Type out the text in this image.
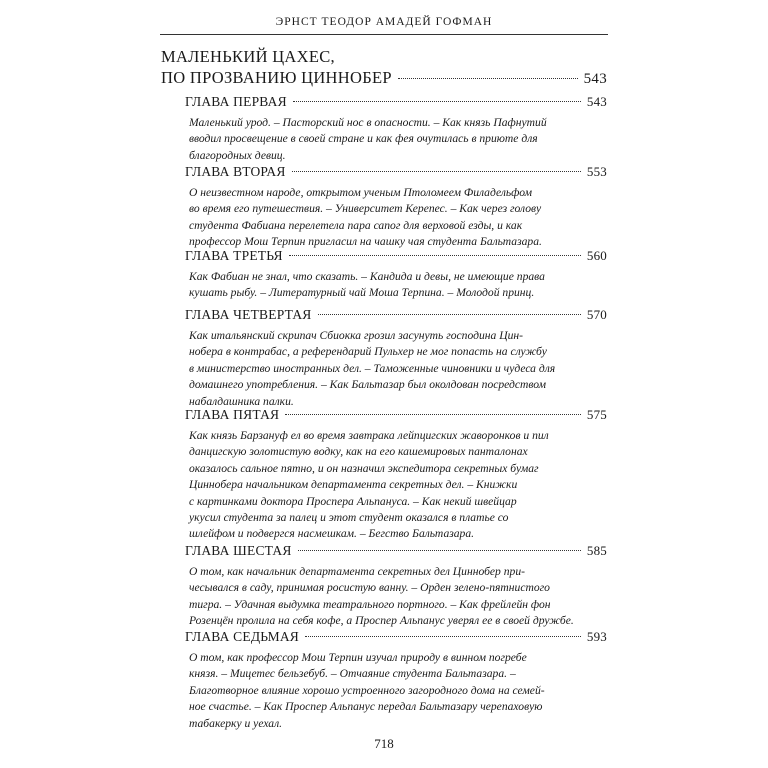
ЭРНСТ ТЕОДОР АМАДЕЙ ГОФМАН
МАЛЕНЬКИЙ ЦАХЕС,
ПО ПРОЗВАНИЮ ЦИННОБЕР	543
ГЛАВА ПЕРВАЯ	543
Маленький урод. – Пасторский нос в опасности. – Как князь Пафнутий
вводил просвещение в своей стране и как фея очутилась в приюте для
благородных девиц.
ГЛАВА ВТОРАЯ	553
О неизвестном народе, открытом ученым Птоломеем Филадельфом
во время его путешествия. – Университет Керепес. – Как через голову
студента Фабиана перелетела пара сапог для верховой езды, и как
профессор Мош Терпин пригласил на чашку чая студента Бальтазара.
ГЛАВА ТРЕТЬЯ	560
Как Фабиан не знал, что сказать. – Кандида и девы, не имеющие права
кушать рыбу. – Литературный чай Моша Терпина. – Молодой принц.
ГЛАВА ЧЕТВЕРТАЯ	570
Как итальянский скрипач Сбиокка грозил засунуть господина Цин-
нобера в контрабас, а референдарий Пульхер не мог попасть на службу
в министерство иностранных дел. – Таможенные чиновники и чудеса для
домашнего употребления. – Как Бальтазар был околдован посредством
набалдашника палки.
ГЛАВА ПЯТАЯ	575
Как князь Барзануф ел во время завтрака лейпцигских жаворонков и пил
данцигскую золотистую водку, как на его кашемировых панталонах
оказалось сальное пятно, и он назначил экспедитора секретных бумаг
Циннобера начальником департамента секретных дел. – Книжки
с картинками доктора Проспера Альпануса. – Как некий швейцар
укусил студента за палец и этот студент оказался в платье со
шлейфом и подвергся насмешкам. – Бегство Бальтазара.
ГЛАВА ШЕСТАЯ	585
О том, как начальник департамента секретных дел Циннобер при-
чесывался в саду, принимая росистую ванну. – Орден зелено-пятнистого
тигра. – Удачная выдумка театрального портного. – Как фрейлейн фон
Розенцён пролила на себя кофе, а Проспер Альпанус уверял ее в своей дружбе.
ГЛАВА СЕДЬМАЯ	593
О том, как профессор Мош Терпин изучал природу в винном погребе
князя. – Мицетес бельзебуб. – Отчаяние студента Бальтазара. –
Благотворное влияние хорошо устроенного загородного дома на семей-
ное счастье. – Как Проспер Альпанус передал Бальтазару черепаховую
табакерку и уехал.
718
